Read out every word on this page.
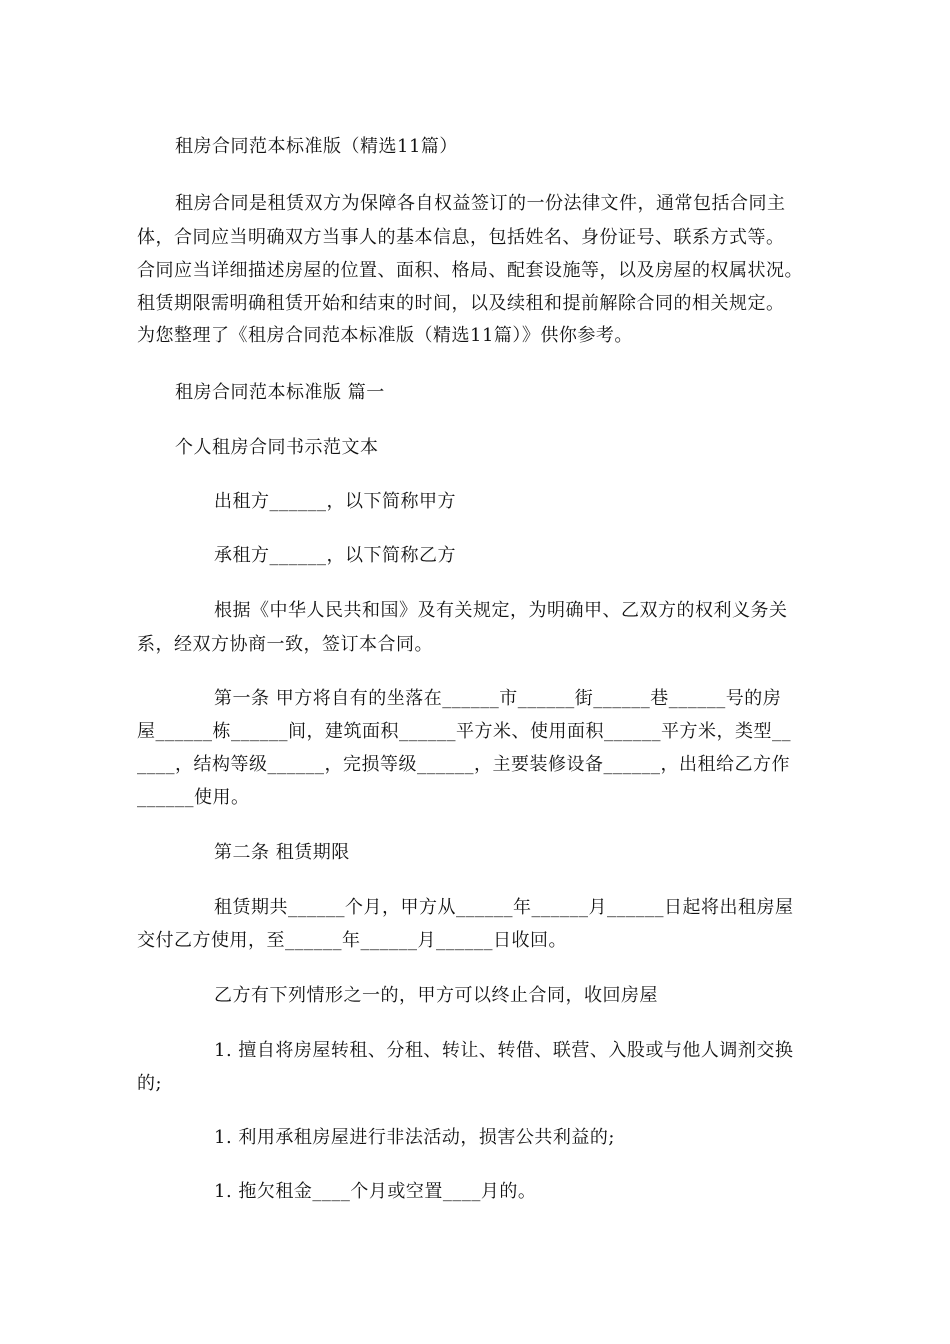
租房合同范本标准版（精选11篇）
租房合同是租赁双方为保障各自权益签订的一份法律文件，通常包括合同主
体，合同应当明确双方当事人的基本信息，包括姓名、身份证号、联系方式等。
合同应当详细描述房屋的位置、面积、格局、配套设施等，以及房屋的权属状况。
租赁期限需明确租赁开始和结束的时间，以及续租和提前解除合同的相关规定。
为您整理了《租房合同范本标准版（精选11篇）》供你参考。
租房合同范本标准版 篇一
个人租房合同书示范文本
出租方______，以下简称甲方
承租方______，以下简称乙方
根据《中华人民共和国》及有关规定，为明确甲、乙双方的权利义务关
系，经双方协商一致，签订本合同。
第一条 甲方将自有的坐落在______市______街______巷______号的房
屋______栋______间，建筑面积______平方米、使用面积______平方米，类型__
____，结构等级______，完损等级______，主要装修设备______，出租给乙方作
______使用。
第二条 租赁期限
租赁期共______个月，甲方从______年______月______日起将出租房屋
交付乙方使用，至______年______月______日收回。
乙方有下列情形之一的，甲方可以终止合同，收回房屋
1. 擅自将房屋转租、分租、转让、转借、联营、入股或与他人调剂交换
的;
1. 利用承租房屋进行非法活动，损害公共利益的;
1. 拖欠租金____个月或空置____月的。
